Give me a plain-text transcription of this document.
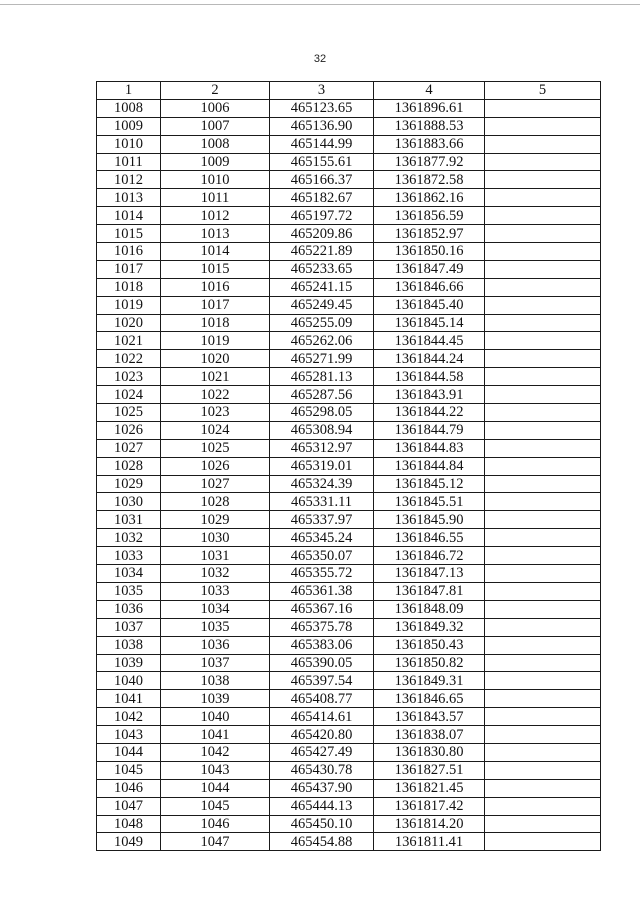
32
1	2	3	4	5
1008	1006	465123.65	1361896.61	
1009	1007	465136.90	1361888.53	
1010	1008	465144.99	1361883.66	
1011	1009	465155.61	1361877.92	
1012	1010	465166.37	1361872.58	
1013	1011	465182.67	1361862.16	
1014	1012	465197.72	1361856.59	
1015	1013	465209.86	1361852.97	
1016	1014	465221.89	1361850.16	
1017	1015	465233.65	1361847.49	
1018	1016	465241.15	1361846.66	
1019	1017	465249.45	1361845.40	
1020	1018	465255.09	1361845.14	
1021	1019	465262.06	1361844.45	
1022	1020	465271.99	1361844.24	
1023	1021	465281.13	1361844.58	
1024	1022	465287.56	1361843.91	
1025	1023	465298.05	1361844.22	
1026	1024	465308.94	1361844.79	
1027	1025	465312.97	1361844.83	
1028	1026	465319.01	1361844.84	
1029	1027	465324.39	1361845.12	
1030	1028	465331.11	1361845.51	
1031	1029	465337.97	1361845.90	
1032	1030	465345.24	1361846.55	
1033	1031	465350.07	1361846.72	
1034	1032	465355.72	1361847.13	
1035	1033	465361.38	1361847.81	
1036	1034	465367.16	1361848.09	
1037	1035	465375.78	1361849.32	
1038	1036	465383.06	1361850.43	
1039	1037	465390.05	1361850.82	
1040	1038	465397.54	1361849.31	
1041	1039	465408.77	1361846.65	
1042	1040	465414.61	1361843.57	
1043	1041	465420.80	1361838.07	
1044	1042	465427.49	1361830.80	
1045	1043	465430.78	1361827.51	
1046	1044	465437.90	1361821.45	
1047	1045	465444.13	1361817.42	
1048	1046	465450.10	1361814.20	
1049	1047	465454.88	1361811.41	
